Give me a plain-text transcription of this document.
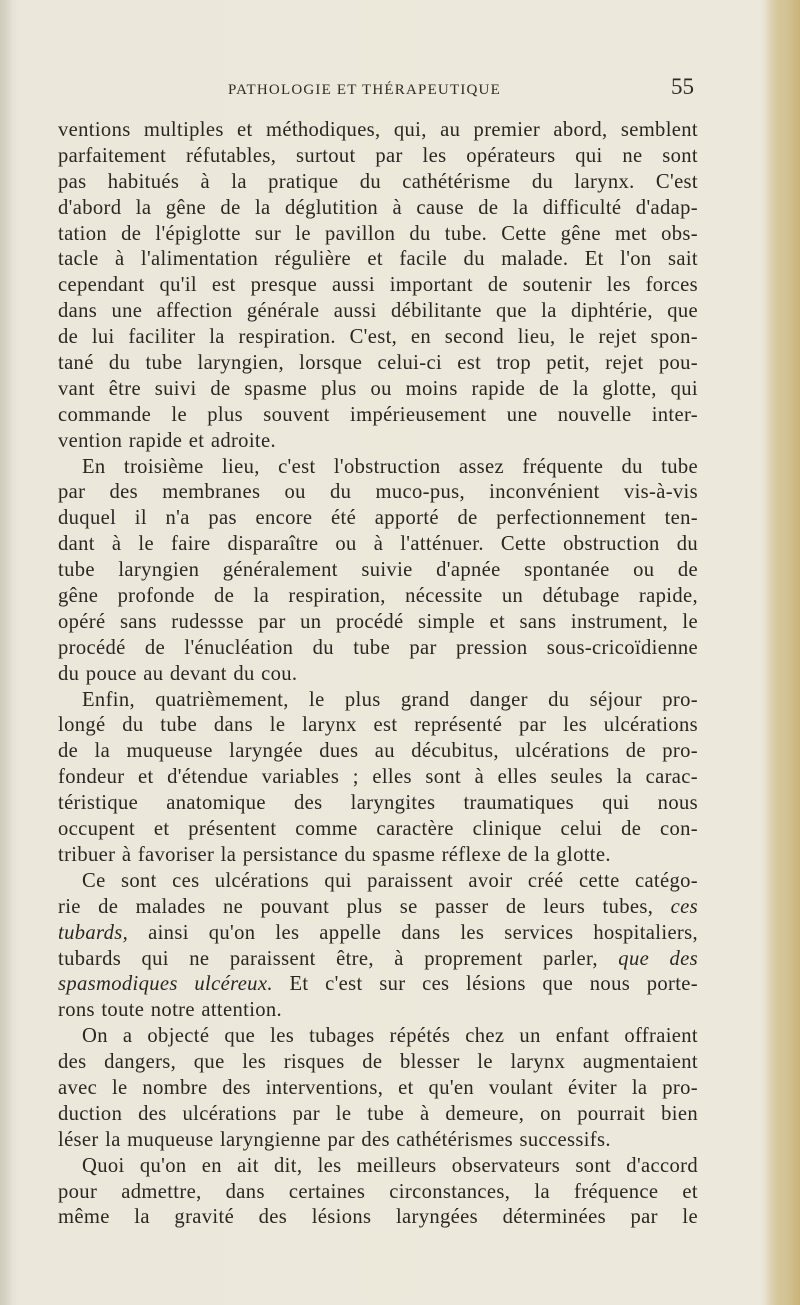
PATHOLOGIE ET THÉRAPEUTIQUE	55
ventions multiples et méthodiques, qui, au premier abord, semblent
parfaitement réfutables, surtout par les opérateurs qui ne sont
pas habitués à la pratique du cathétérisme du larynx. C'est
d'abord la gêne de la déglutition à cause de la difficulté d'adap-
tation de l'épiglotte sur le pavillon du tube. Cette gêne met obs-
tacle à l'alimentation régulière et facile du malade. Et l'on sait
cependant qu'il est presque aussi important de soutenir les forces
dans une affection générale aussi débilitante que la diphtérie, que
de lui faciliter la respiration. C'est, en second lieu, le rejet spon-
tané du tube laryngien, lorsque celui-ci est trop petit, rejet pou-
vant être suivi de spasme plus ou moins rapide de la glotte, qui
commande le plus souvent impérieusement une nouvelle inter-
vention rapide et adroite.
En troisième lieu, c'est l'obstruction assez fréquente du tube
par des membranes ou du muco-pus, inconvénient vis-à-vis
duquel il n'a pas encore été apporté de perfectionnement ten-
dant à le faire disparaître ou à l'atténuer. Cette obstruction du
tube laryngien généralement suivie d'apnée spontanée ou de
gêne profonde de la respiration, nécessite un détubage rapide,
opéré sans rudessse par un procédé simple et sans instrument, le
procédé de l'énucléation du tube par pression sous-cricoïdienne
du pouce au devant du cou.
Enfin, quatrièmement, le plus grand danger du séjour pro-
longé du tube dans le larynx est représenté par les ulcérations
de la muqueuse laryngée dues au décubitus, ulcérations de pro-
fondeur et d'étendue variables ; elles sont à elles seules la carac-
téristique anatomique des laryngites traumatiques qui nous
occupent et présentent comme caractère clinique celui de con-
tribuer à favoriser la persistance du spasme réflexe de la glotte.
Ce sont ces ulcérations qui paraissent avoir créé cette catégo-
rie de malades ne pouvant plus se passer de leurs tubes, ces
tubards, ainsi qu'on les appelle dans les services hospitaliers,
tubards qui ne paraissent être, à proprement parler, que des
spasmodiques ulcéreux. Et c'est sur ces lésions que nous porte-
rons toute notre attention.
On a objecté que les tubages répétés chez un enfant offraient
des dangers, que les risques de blesser le larynx augmentaient
avec le nombre des interventions, et qu'en voulant éviter la pro-
duction des ulcérations par le tube à demeure, on pourrait bien
léser la muqueuse laryngienne par des cathétérismes successifs.
Quoi qu'on en ait dit, les meilleurs observateurs sont d'accord
pour admettre, dans certaines circonstances, la fréquence et
même la gravité des lésions laryngées déterminées par le
